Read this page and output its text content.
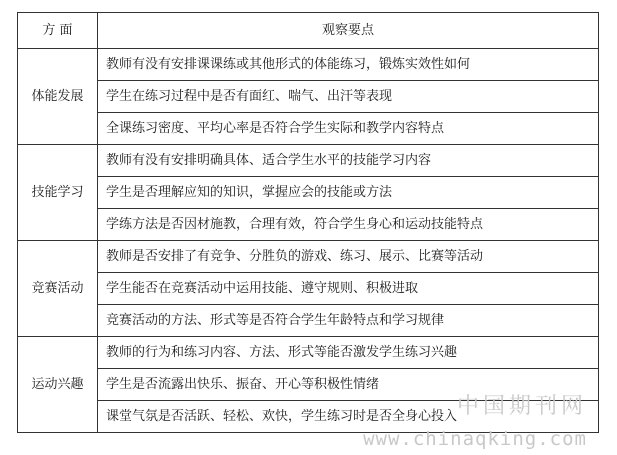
方 面	观察要点
体能发展	教师有没有安排课课练或其他形式的体能练习，锻炼实效性如何
	学生在练习过程中是否有面红、喘气、出汗等表现
	全课练习密度、平均心率是否符合学生实际和教学内容特点
技能学习	教师有没有安排明确具体、适合学生水平的技能学习内容
	学生是否理解应知的知识，掌握应会的技能或方法
	学练方法是否因材施教，合理有效，符合学生身心和运动技能特点
竞赛活动	教师是否安排了有竞争、分胜负的游戏、练习、展示、比赛等活动
	学生能否在竞赛活动中运用技能、遵守规则、积极进取
	竞赛活动的方法、形式等是否符合学生年龄特点和学习规律
运动兴趣	教师的行为和练习内容、方法、形式等能否激发学生练习兴趣
	学生是否流露出快乐、振奋、开心等积极性情绪
	课堂气氛是否活跃、轻松、欢快，学生练习时是否全身心投入 中国期刊网
www.chinaqking.com
